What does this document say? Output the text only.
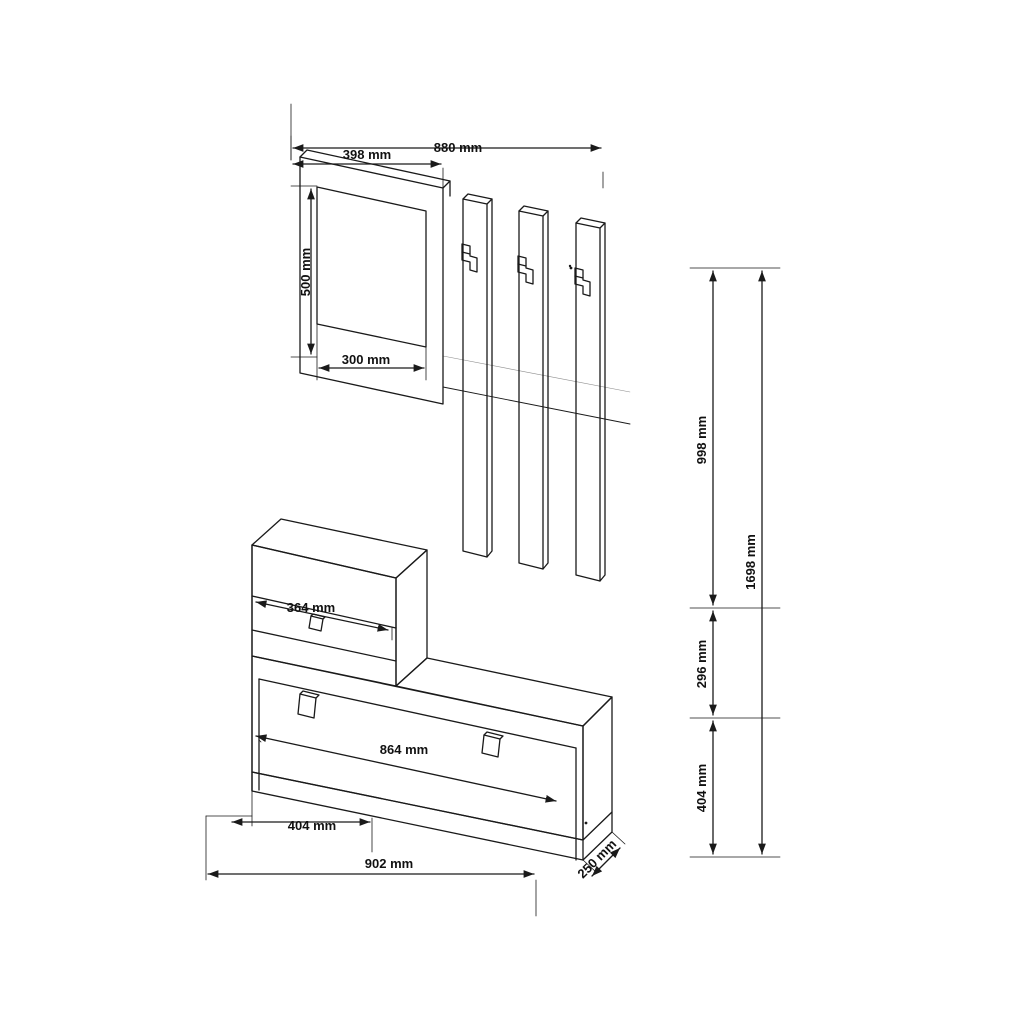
880 mm
398 mm
500 mm
300 mm
364 mm
864 mm
404 mm
902 mm	250 mm
998 mm
296 mm
404 mm
1698 mm
